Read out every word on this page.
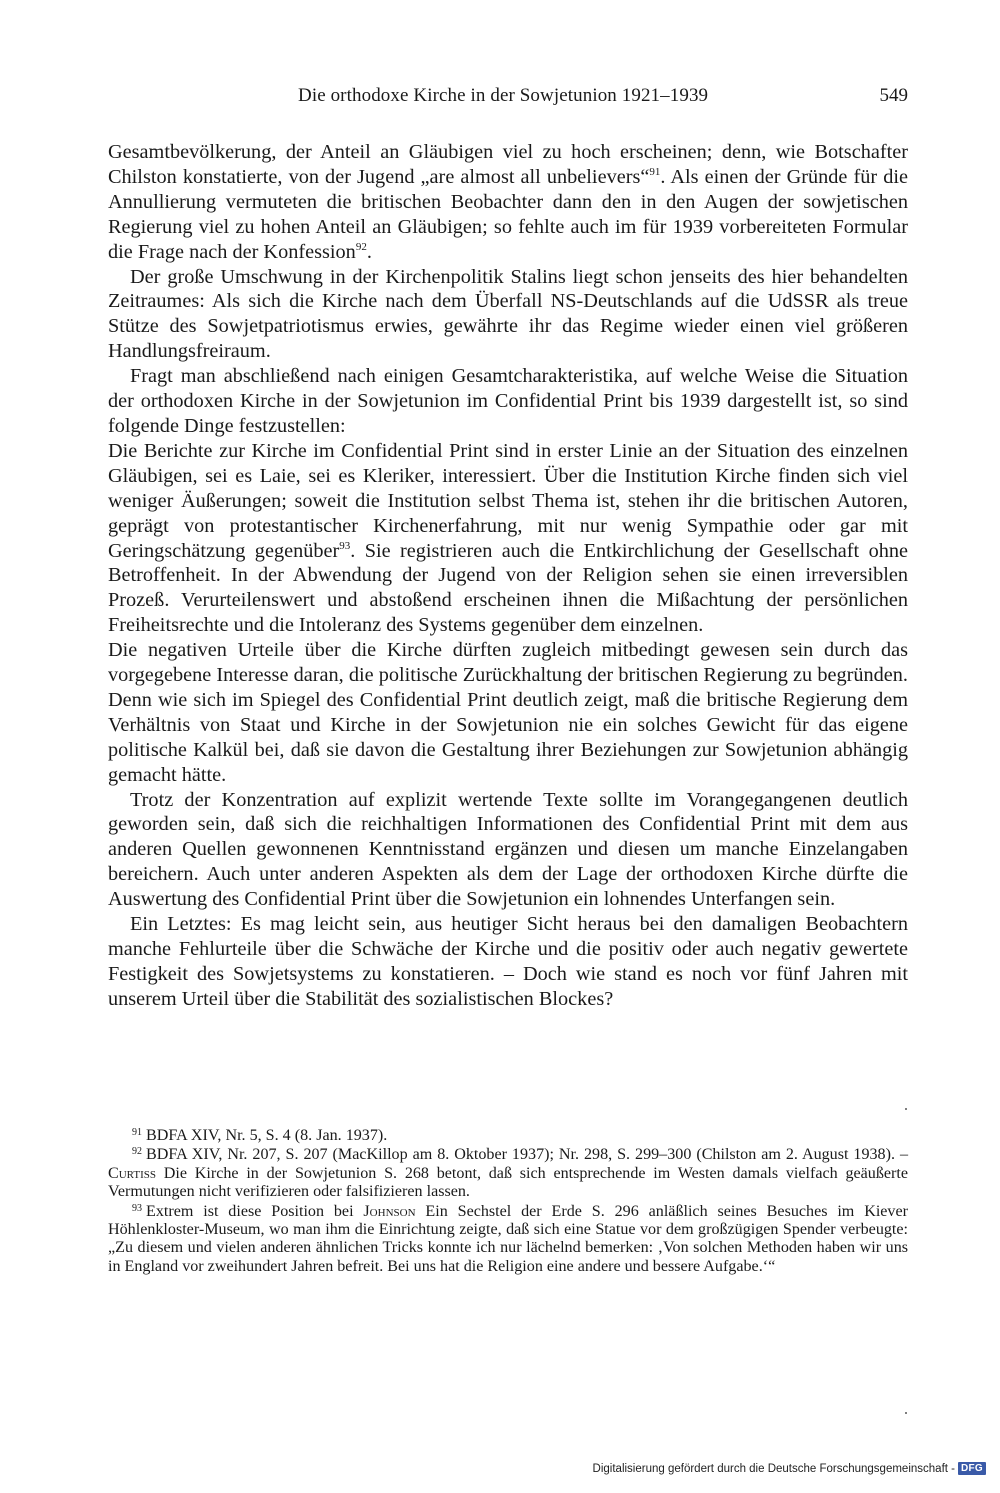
Die orthodoxe Kirche in der Sowjetunion 1921–1939	549

Gesamtbevölkerung, der Anteil an Gläubigen viel zu hoch erscheinen; denn, wie Botschafter Chilston konstatierte, von der Jugend „are almost all unbelievers“$^{91}$. Als einen der Gründe für die Annullierung vermuteten die britischen Beobachter dann den in den Augen der sowjetischen Regierung viel zu hohen Anteil an Gläubigen; so fehlte auch im für 1939 vorbereiteten Formular die Frage nach der Konfession$^{92}$.

Der große Umschwung in der Kirchenpolitik Stalins liegt schon jenseits des hier behandelten Zeitraumes: Als sich die Kirche nach dem Überfall NS-Deutschlands auf die UdSSR als treue Stütze des Sowjetpatriotismus erwies, gewährte ihr das Regime wieder einen viel größeren Handlungsfreiraum.

Fragt man abschließend nach einigen Gesamtcharakteristika, auf welche Weise die Situation der orthodoxen Kirche in der Sowjetunion im Confidential Print bis 1939 dargestellt ist, so sind folgende Dinge festzustellen:

Die Berichte zur Kirche im Confidential Print sind in erster Linie an der Situation des einzelnen Gläubigen, sei es Laie, sei es Kleriker, interessiert. Über die Institution Kirche finden sich viel weniger Äußerungen; soweit die Institution selbst Thema ist, stehen ihr die britischen Autoren, geprägt von protestantischer Kirchenerfahrung, mit nur wenig Sympathie oder gar mit Geringschätzung gegenüber$^{93}$. Sie registrieren auch die Entkirchlichung der Gesellschaft ohne Betroffenheit. In der Abwendung der Jugend von der Religion sehen sie einen irreversiblen Prozeß. Verurteilenswert und abstoßend erscheinen ihnen die Mißachtung der persönlichen Freiheitsrechte und die Intoleranz des Systems gegenüber dem einzelnen.

Die negativen Urteile über die Kirche dürften zugleich mitbedingt gewesen sein durch das vorgegebene Interesse daran, die politische Zurückhaltung der britischen Regierung zu begründen. Denn wie sich im Spiegel des Confidential Print deutlich zeigt, maß die britische Regierung dem Verhältnis von Staat und Kirche in der Sowjetunion nie ein solches Gewicht für das eigene politische Kalkül bei, daß sie davon die Gestaltung ihrer Beziehungen zur Sowjetunion abhängig gemacht hätte.

Trotz der Konzentration auf explizit wertende Texte sollte im Vorangegangenen deutlich geworden sein, daß sich die reichhaltigen Informationen des Confidential Print mit dem aus anderen Quellen gewonnenen Kenntnisstand ergänzen und diesen um manche Einzelangaben bereichern. Auch unter anderen Aspekten als dem der Lage der orthodoxen Kirche dürfte die Auswertung des Confidential Print über die Sowjetunion ein lohnendes Unterfangen sein.

Ein Letztes: Es mag leicht sein, aus heutiger Sicht heraus bei den damaligen Beobachtern manche Fehlurteile über die Schwäche der Kirche und die positiv oder auch negativ gewertete Festigkeit des Sowjetsystems zu konstatieren. – Doch wie stand es noch vor fünf Jahren mit unserem Urteil über die Stabilität des sozialistischen Blockes?

$^{91}$ BDFA XIV, Nr. 5, S. 4 (8. Jan. 1937).

$^{92}$ BDFA XIV, Nr. 207, S. 207 (MacKillop am 8. Oktober 1937); Nr. 298, S. 299–300 (Chilston am 2. August 1938). – Curtiss Die Kirche in der Sowjetunion S. 268 betont, daß sich entsprechende im Westen damals vielfach geäußerte Vermutungen nicht verifizieren oder falsifizieren lassen.

$^{93}$ Extrem ist diese Position bei Johnson Ein Sechstel der Erde S. 296 anläßlich seines Besuches im Kiever Höhlenkloster-Museum, wo man ihm die Einrichtung zeigte, daß sich eine Statue vor dem großzügigen Spender verbeugte: „Zu diesem und vielen anderen ähnlichen Tricks konnte ich nur lächelnd bemerken: ‚Von solchen Methoden haben wir uns in England vor zweihundert Jahren befreit. Bei uns hat die Religion eine andere und bessere Aufgabe.‘“

Digitalisierung gefördert durch die Deutsche Forschungsgemeinschaft - DFG
